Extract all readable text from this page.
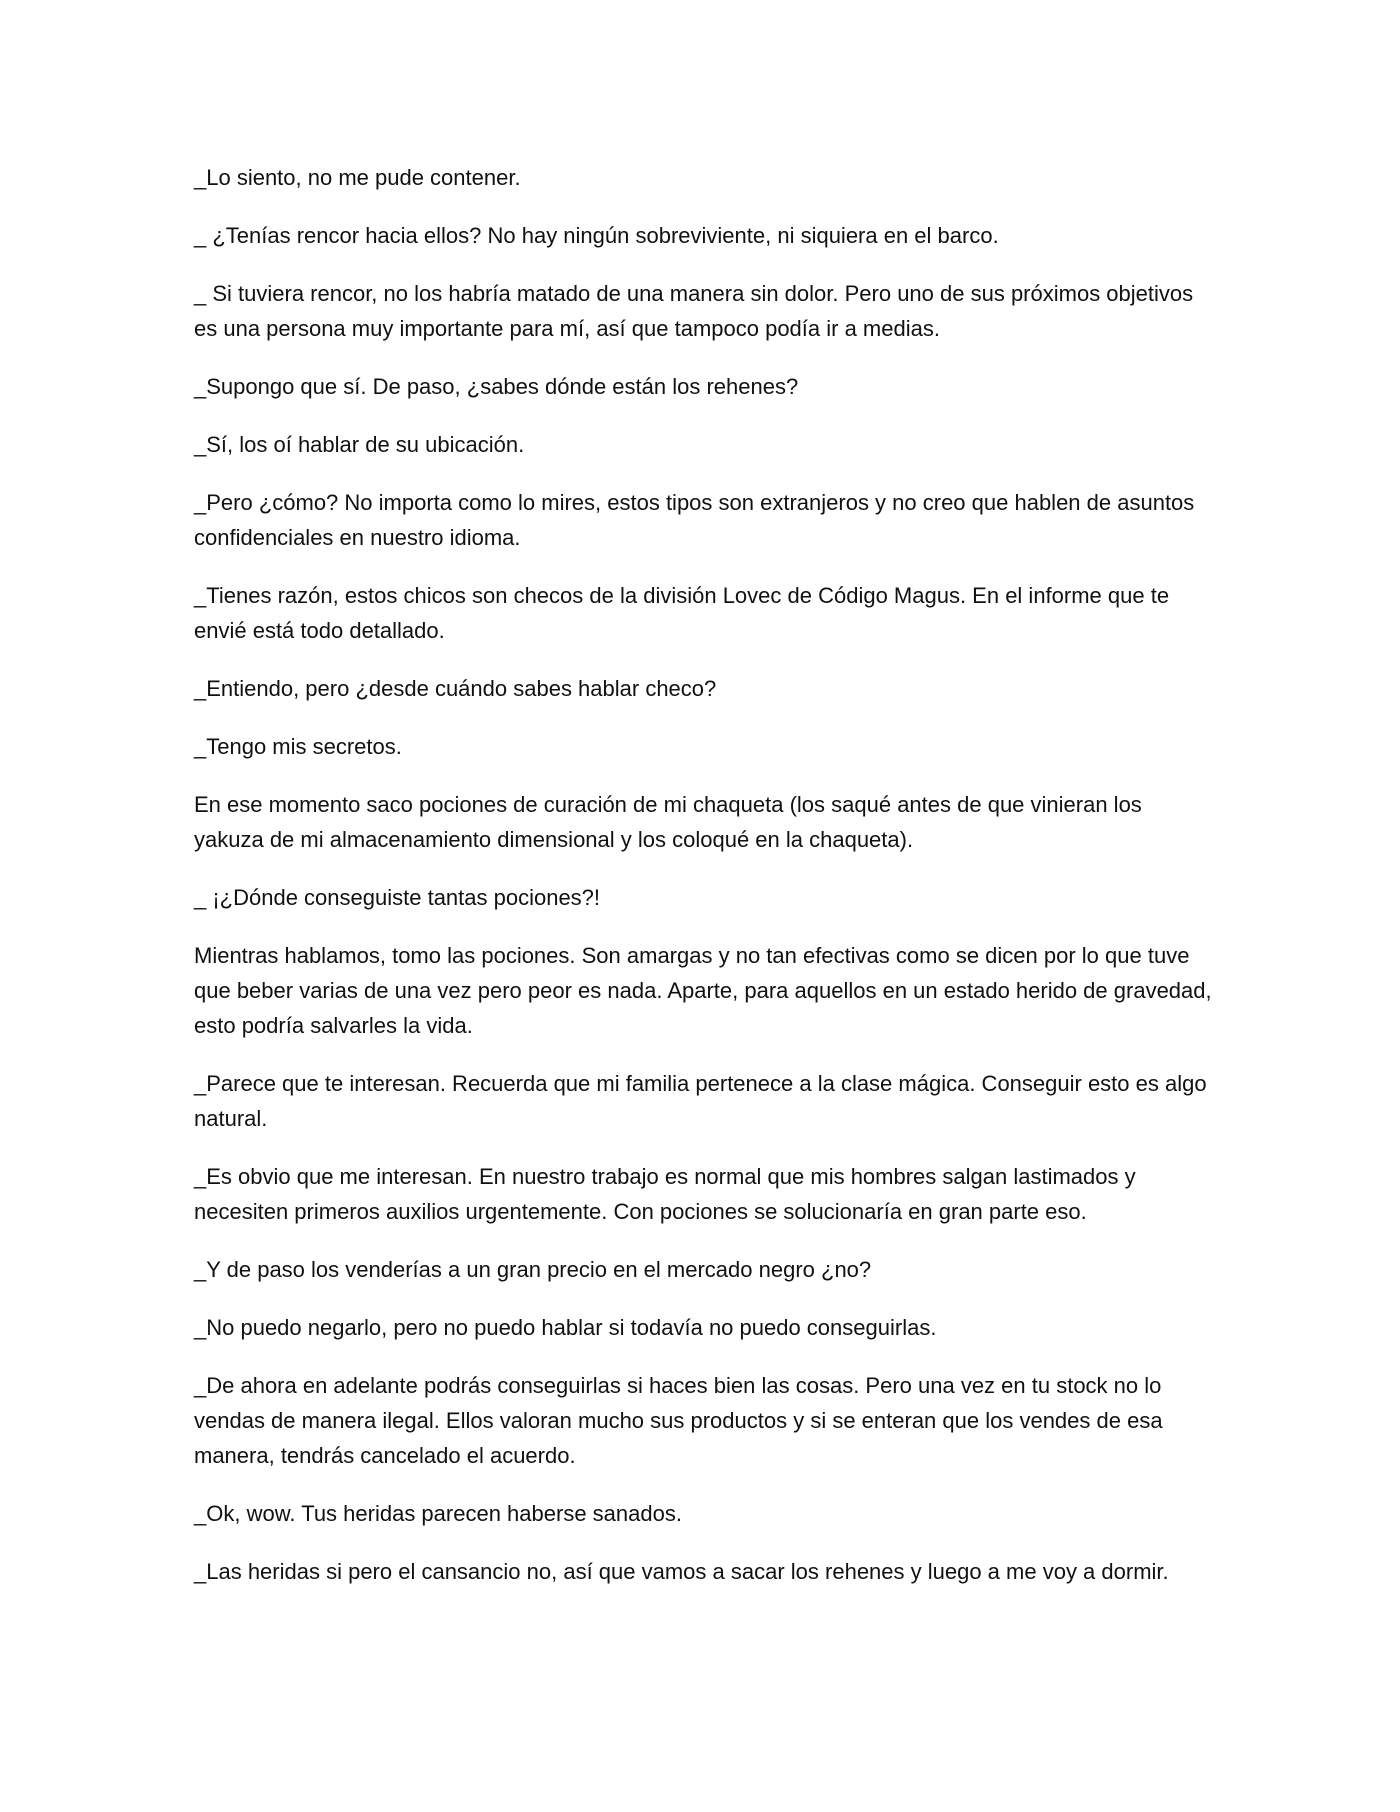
_Lo siento, no me pude contener.

_ ¿Tenías rencor hacia ellos? No hay ningún sobreviviente, ni siquiera en el barco.

_ Si tuviera rencor, no los habría matado de una manera sin dolor. Pero uno de sus próximos objetivos es una persona muy importante para mí, así que tampoco podía ir a medias.

_Supongo que sí. De paso, ¿sabes dónde están los rehenes?

_Sí, los oí hablar de su ubicación.

_Pero ¿cómo? No importa como lo mires, estos tipos son extranjeros y no creo que hablen de asuntos confidenciales en nuestro idioma.

_Tienes razón, estos chicos son checos de la división Lovec de Código Magus. En el informe que te envié está todo detallado.

_Entiendo, pero ¿desde cuándo sabes hablar checo?

_Tengo mis secretos.

En ese momento saco pociones de curación de mi chaqueta (los saqué antes de que vinieran los yakuza de mi almacenamiento dimensional y los coloqué en la chaqueta).

_ ¡¿Dónde conseguiste tantas pociones?!

Mientras hablamos, tomo las pociones. Son amargas y no tan efectivas como se dicen por lo que tuve que beber varias de una vez pero peor es nada. Aparte, para aquellos en un estado herido de gravedad, esto podría salvarles la vida.

_Parece que te interesan. Recuerda que mi familia pertenece a la clase mágica. Conseguir esto es algo natural.

_Es obvio que me interesan. En nuestro trabajo es normal que mis hombres salgan lastimados y necesiten primeros auxilios urgentemente. Con pociones se solucionaría en gran parte eso.

_Y de paso los venderías a un gran precio en el mercado negro ¿no?

_No puedo negarlo, pero no puedo hablar si todavía no puedo conseguirlas.

_De ahora en adelante podrás conseguirlas si haces bien las cosas. Pero una vez en tu stock no lo vendas de manera ilegal. Ellos valoran mucho sus productos y si se enteran que los vendes de esa manera, tendrás cancelado el acuerdo.

_Ok, wow. Tus heridas parecen haberse sanados.

_Las heridas si pero el cansancio no, así que vamos a sacar los rehenes y luego a me voy a dormir.
